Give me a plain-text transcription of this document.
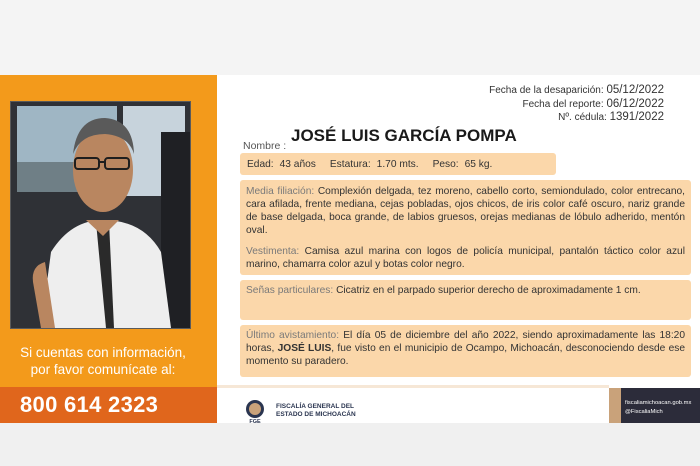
Si cuentas con información,
por favor comunícate al:
800 614 2323
Fecha de la desaparición: 05/12/2022
Fecha del reporte: 06/12/2022
Nº. cédula: 1391/2022
Nombre :
JOSÉ LUIS GARCÍA POMPA
Edad: 43 años Estatura: 1.70 mts. Peso: 65 kg.
Media filiación: Complexión delgada, tez moreno, cabello corto, semiondulado, color entrecano, cara afilada, frente mediana, cejas pobladas, ojos chicos, de iris color café oscuro, nariz grande de base delgada, boca grande, de labios gruesos, orejas medianas de lóbulo adherido, mentón oval.
Vestimenta: Camisa azul marina con logos de policía municipal, pantalón táctico color azul marino, chamarra color azul y botas color negro.
Señas particulares: Cicatriz en el parpado superior derecho de aproximadamente 1 cm.
Último avistamiento: El día 05 de diciembre del año 2022, siendo aproximadamente las 18:20 horas, JOSÉ LUIS, fue visto en el municipio de Ocampo, Michoacán, desconociendo desde ese momento su paradero.
FGE
FISCALÍA GENERAL DEL
ESTADO DE MICHOACÁN
fiscaliamichoacan.gob.mx
@FiscaliaMich
